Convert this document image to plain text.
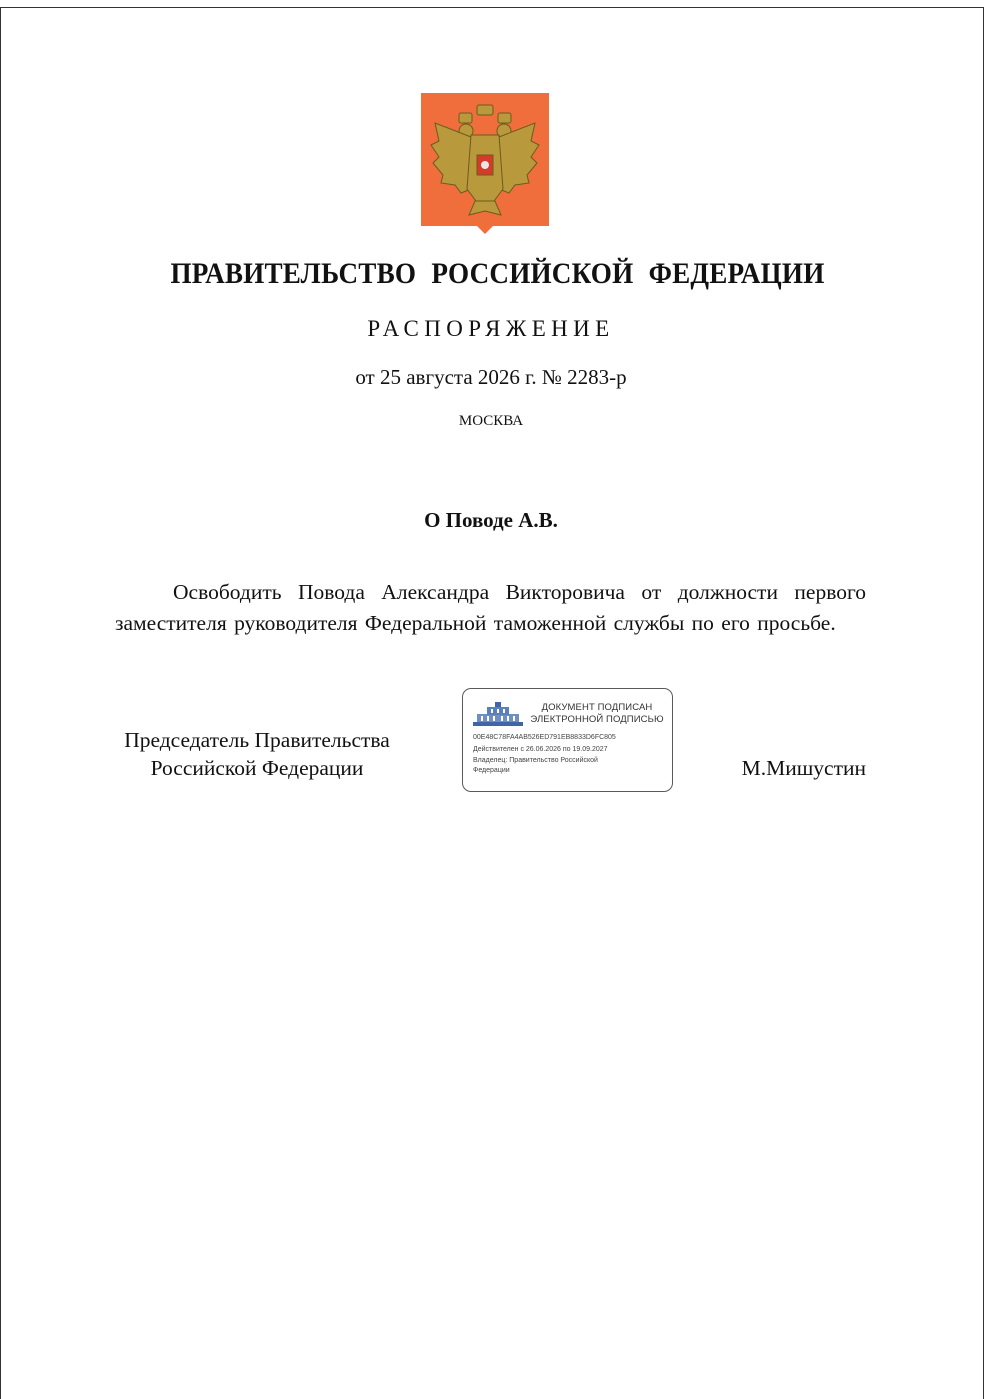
ПРАВИТЕЛЬСТВО РОССИЙСКОЙ ФЕДЕРАЦИИ
РАСПОРЯЖЕНИЕ
от 25 августа 2026 г. № 2283-р
МОСКВА
О Поводе А.В.
Освободить Повода Александра Викторовича от должности первого заместителя руководителя Федеральной таможенной службы по его просьбе.
Председатель Правительства
Российской Федерации
ДОКУМЕНТ ПОДПИСАН
ЭЛЕКТРОННОЙ ПОДПИСЬЮ
00E48C78FA4AB526ED791EB8833D6FC805
Действителен с 26.06.2026 по 19.09.2027
Владелец: Правительство Российской
Федерации	М.Мишустин
